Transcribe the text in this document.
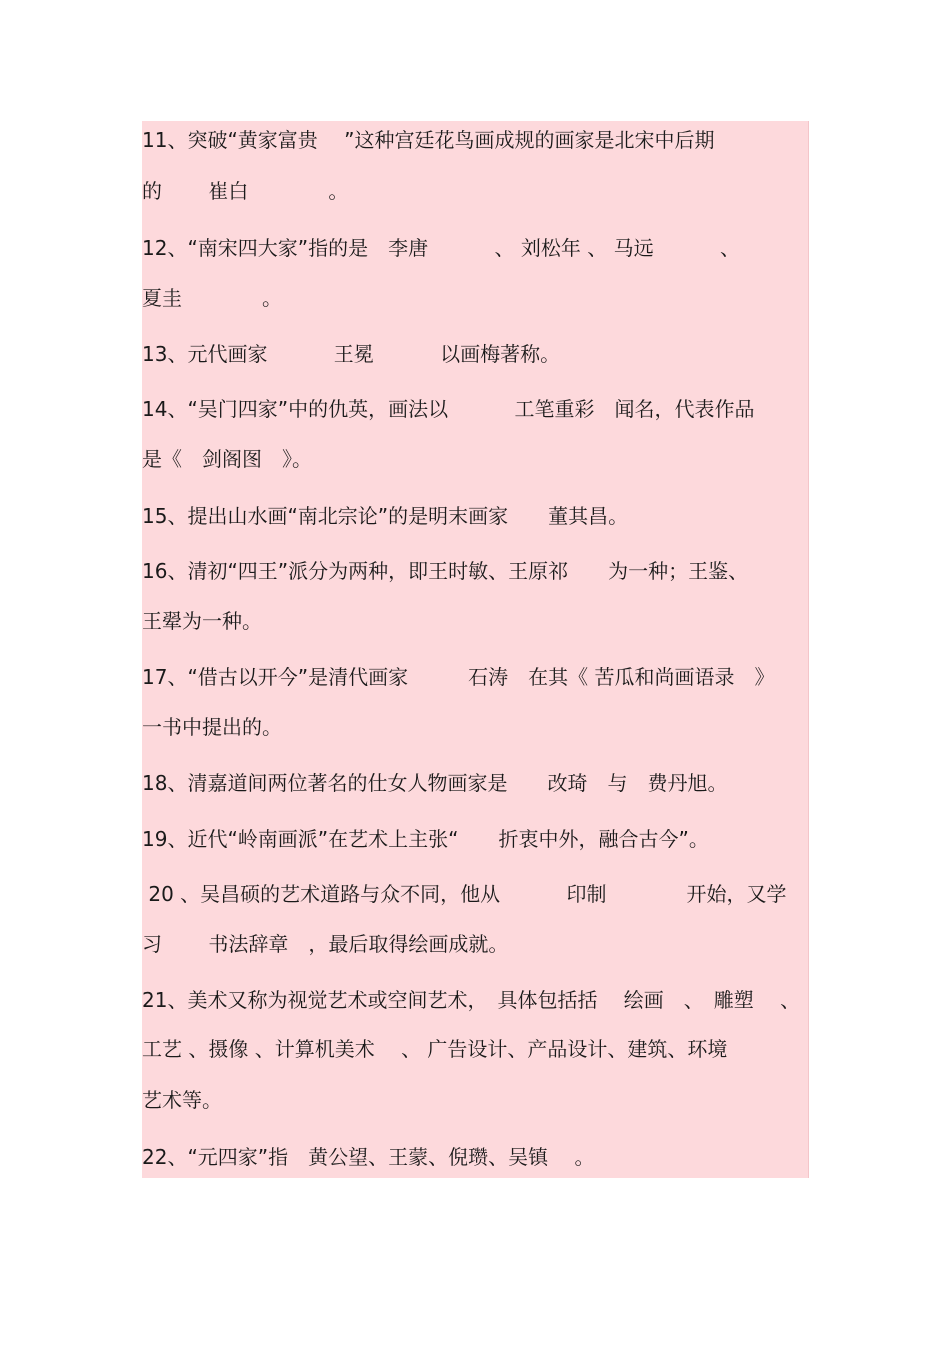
11、突破“黄家富贵　 ”这种宫廷花鸟画成规的画家是北宋中后期
的　　 崔白　　　　。
12、“南宋四大家”指的是　李唐　　　 、 刘松年 、 马远　　　 、
夏圭　　　　。
13、元代画家　　　 王冕　　　 以画梅著称。
14、“吴门四家”中的仇英，画法以　　　 工笔重彩　闻名，代表作品
是《　剑阁图　》。
15、提出山水画“南北宗论”的是明末画家　　董其昌。
16、清初“四王”派分为两种，即王时敏、王原祁　　为一种；王鉴、
王翚为一种。
17、“借古以开今”是清代画家　　　石涛　在其《 苦瓜和尚画语录　》
一书中提出的。
18、清嘉道间两位著名的仕女人物画家是　　改琦　与　费丹旭。
19、近代“岭南画派”在艺术上主张“　　折衷中外，融合古今”。
20 、吴昌硕的艺术道路与众不同，他从　　　 印制　　　　开始，又学
习　　 书法辞章　，最后取得绘画成就。
21、美术又称为视觉艺术或空间艺术，　具体包括括　 绘画　、　雕塑　 、
工艺 、摄像 、计算机美术　 、 广告设计、产品设计、建筑、环境
艺术等。
22、“元四家”指　黄公望、王蒙、倪瓒、吴镇　 。
